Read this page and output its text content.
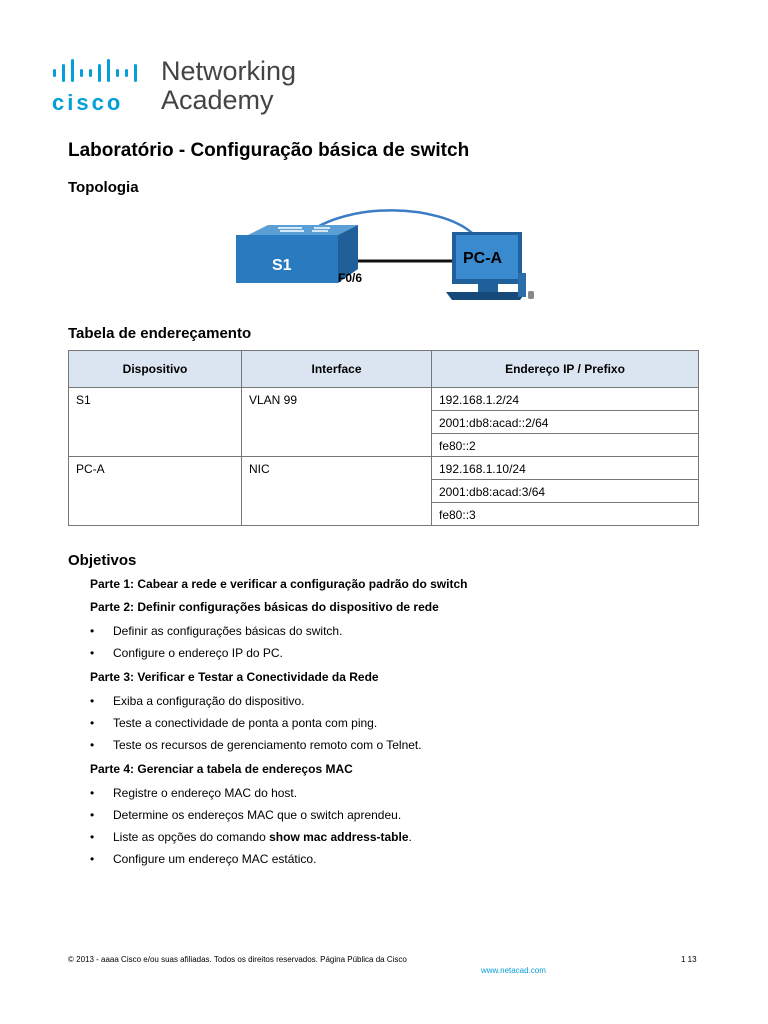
cisco
Networking
Academy
Laboratório - Configuração básica de switch
Topologia
S1
F0/6
PC-A
Tabela de endereçamento
Dispositivo	Interface	Endereço IP / Prefixo
S1	VLAN 99	192.168.1.2/24
		2001:db8:acad::2/64
		fe80::2
PC-A	NIC	192.168.1.10/24
		2001:db8:acad:3/64
		fe80::3
Objetivos
Parte 1: Cabear a rede e verificar a configuração padrão do switch
Parte 2: Definir configurações básicas do dispositivo de rede
• Definir as configurações básicas do switch.
• Configure o endereço IP do PC.
Parte 3: Verificar e Testar a Conectividade da Rede
• Exiba a configuração do dispositivo.
• Teste a conectividade de ponta a ponta com ping.
• Teste os recursos de gerenciamento remoto com o Telnet.
Parte 4: Gerenciar a tabela de endereços MAC
• Registre o endereço MAC do host.
• Determine os endereços MAC que o switch aprendeu.
• Liste as opções do comando show mac address-table.
• Configure um endereço MAC estático.
© 2013 - aaaa Cisco e/ou suas afiliadas. Todos os direitos reservados. Página Pública da Cisco	1 13
www.netacad.com
